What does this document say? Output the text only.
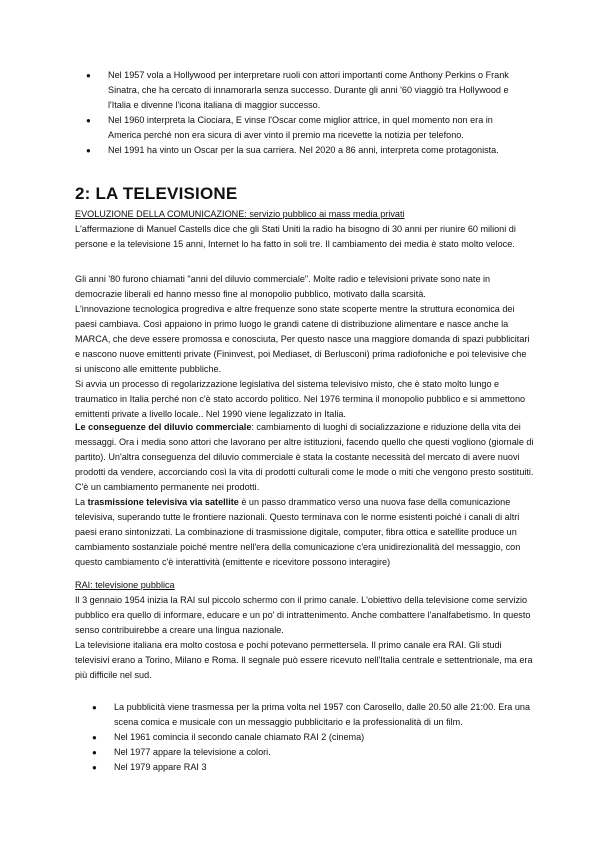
● Nel 1957 vola a Hollywood per interpretare ruoli con attori importanti come Anthony Perkins o Frank Sinatra, che ha cercato di innamorarla senza successo. Durante gli anni '60 viaggiò tra Hollywood e l'Italia e divenne l'icona italiana di maggior successo.

● Nel 1960 interpreta la Ciociara, E vinse l'Oscar come miglior attrice, in quel momento non era in America perché non era sicura di aver vinto il premio ma ricevette la notizia per telefono.

● Nel 1991 ha vinto un Oscar per la sua carriera. Nel 2020 a 86 anni, interpreta come protagonista.

2: LA TELEVISIONE

EVOLUZIONE DELLA COMUNICAZIONE: servizio pubblico ai mass media privati

L'affermazione di Manuel Castells dice che gli Stati Uniti la radio ha bisogno di 30 anni per riunire 60 milioni di persone e la televisione 15 anni, Internet lo ha fatto in soli tre. Il cambiamento dei media è stato molto veloce.

Gli anni '80 furono chiamati "anni del diluvio commerciale". Molte radio e televisioni private sono nate in democrazie liberali ed hanno messo fine al monopolio pubblico, motivato dalla scarsità.

L'innovazione tecnologica progrediva e altre frequenze sono state scoperte mentre la struttura economica dei paesi cambiava. Così appaiono in primo luogo le grandi catene di distribuzione alimentare e nasce anche la MARCA, che deve essere promossa e conosciuta, Per questo nasce una maggiore domanda di spazi pubblicitari e nascono nuove emittenti private (Fininvest, poi Mediaset, di Berlusconi) prima radiofoniche e poi televisive che si uniscono alle emittente pubbliche.

Si avvia un processo di regolarizzazione legislativa del sistema televisivo misto, che è stato molto lungo e traumatico in Italia perché non c'è stato accordo politico. Nel 1976 termina il monopolio pubblico e si ammettono emittenti private a livello locale.. Nel 1990 viene legalizzato in Italia.

Le conseguenze del diluvio commerciale: cambiamento di luoghi di socializzazione e riduzione della vita dei messaggi. Ora i media sono attori che lavorano per altre istituzioni, facendo quello che questi vogliono (giornale di partito). Un'altra conseguenza del diluvio commerciale è stata la costante necessità del mercato di avere nuovi prodotti da vendere, accorciando così la vita di prodotti culturali come le mode o miti che vengono presto sostituiti. C'è un cambiamento permanente nei prodotti.

La trasmissione televisiva via satellite è un passo drammatico verso una nuova fase della comunicazione televisiva, superando tutte le frontiere nazionali. Questo terminava con le norme esistenti poiché i canali di altri paesi erano sintonizzati. La combinazione di trasmissione digitale, computer, fibra ottica e satellite produce un cambiamento sostanziale poiché mentre nell'era della comunicazione c'era unidirezionalità del messaggio, con questo cambiamento c'è interattività (emittente e ricevitore possono interagire)

RAI: televisione pubblica

Il 3 gennaio 1954 inizia la RAI sul piccolo schermo con il primo canale. L'obiettivo della televisione come servizio pubblico era quello di informare, educare e un po' di intrattenimento. Anche combattere l'analfabetismo. In questo senso contribuirebbe a creare una lingua nazionale.

La televisione italiana era molto costosa e pochi potevano permettersela. Il primo canale era RAI. Gli studi televisivi erano a Torino, Milano e Roma. Il segnale può essere ricevuto nell'Italia centrale e settentrionale, ma era più difficile nel sud.

● La pubblicità viene trasmessa per la prima volta nel 1957 con Carosello, dalle 20.50 alle 21:00. Era una scena comica e musicale con un messaggio pubblicitario e la professionalità di un film.

● Nel 1961 comincia il secondo canale chiamato RAI 2 (cinema)

● Nel 1977 appare la televisione a colori.

● Nel 1979 appare RAI 3
